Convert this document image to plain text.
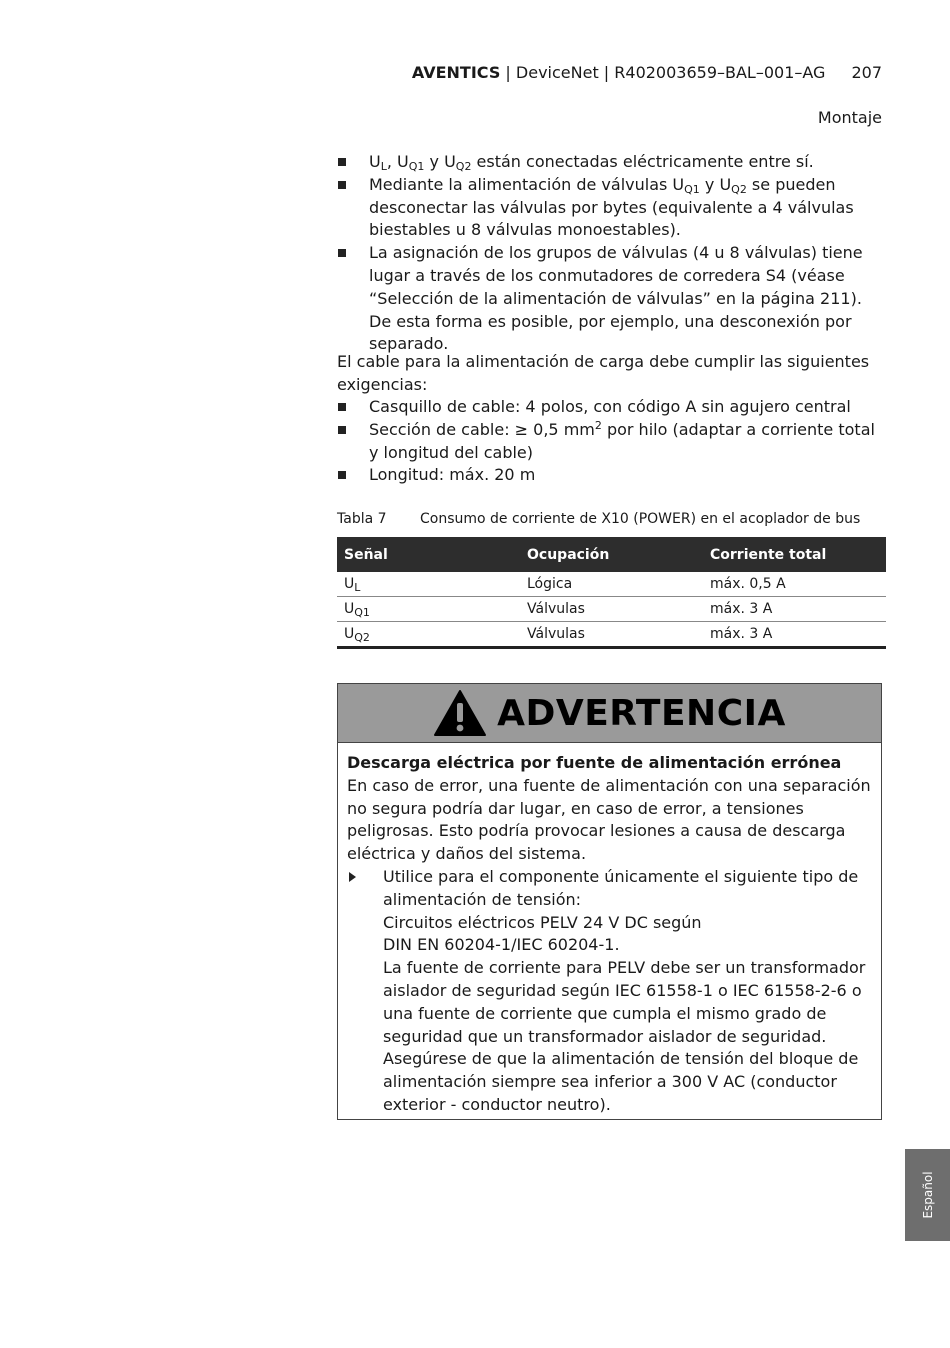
AVENTICS | DeviceNet | R402003659–BAL–001–AG 207
Montaje
$U_L$, $U_{Q1}$ y $U_{Q2}$ están conectadas eléctricamente entre sí.
Mediante la alimentación de válvulas $U_{Q1}$ y $U_{Q2}$ se pueden desconectar las válvulas por bytes (equivalente a 4 válvulas biestables u 8 válvulas monoestables).
La asignación de los grupos de válvulas (4 u 8 válvulas) tiene lugar a través de los conmutadores de corredera S4 (véase “Selección de la alimentación de válvulas” en la página 211). De esta forma es posible, por ejemplo, una desconexión por separado.
El cable para la alimentación de carga debe cumplir las siguientes exigencias:
Casquillo de cable: 4 polos, con código A sin agujero central
Sección de cable: ≥ 0,5 $mm^2$ por hilo (adaptar a corriente total y longitud del cable)
Longitud: máx. 20 m
Tabla 7 Consumo de corriente de X10 (POWER) en el acoplador de bus
Señal	Ocupación	Corriente total
$U_L$	Lógica	máx. 0,5 A
$U_{Q1}$	Válvulas	máx. 3 A
$U_{Q2}$	Válvulas	máx. 3 A
ADVERTENCIA
Descarga eléctrica por fuente de alimentación errónea
En caso de error, una fuente de alimentación con una separación no segura podría dar lugar, en caso de error, a tensiones peligrosas. Esto podría provocar lesiones a causa de descarga eléctrica y daños del sistema.
Utilice para el componente únicamente el siguiente tipo de alimentación de tensión:
Circuitos eléctricos PELV 24 V DC según
DIN EN 60204-1/IEC 60204-1.
La fuente de corriente para PELV debe ser un transformador aislador de seguridad según IEC 61558-1 o IEC 61558-2-6 o una fuente de corriente que cumpla el mismo grado de seguridad que un transformador aislador de seguridad.
Asegúrese de que la alimentación de tensión del bloque de alimentación siempre sea inferior a 300 V AC (conductor exterior - conductor neutro).
Español
